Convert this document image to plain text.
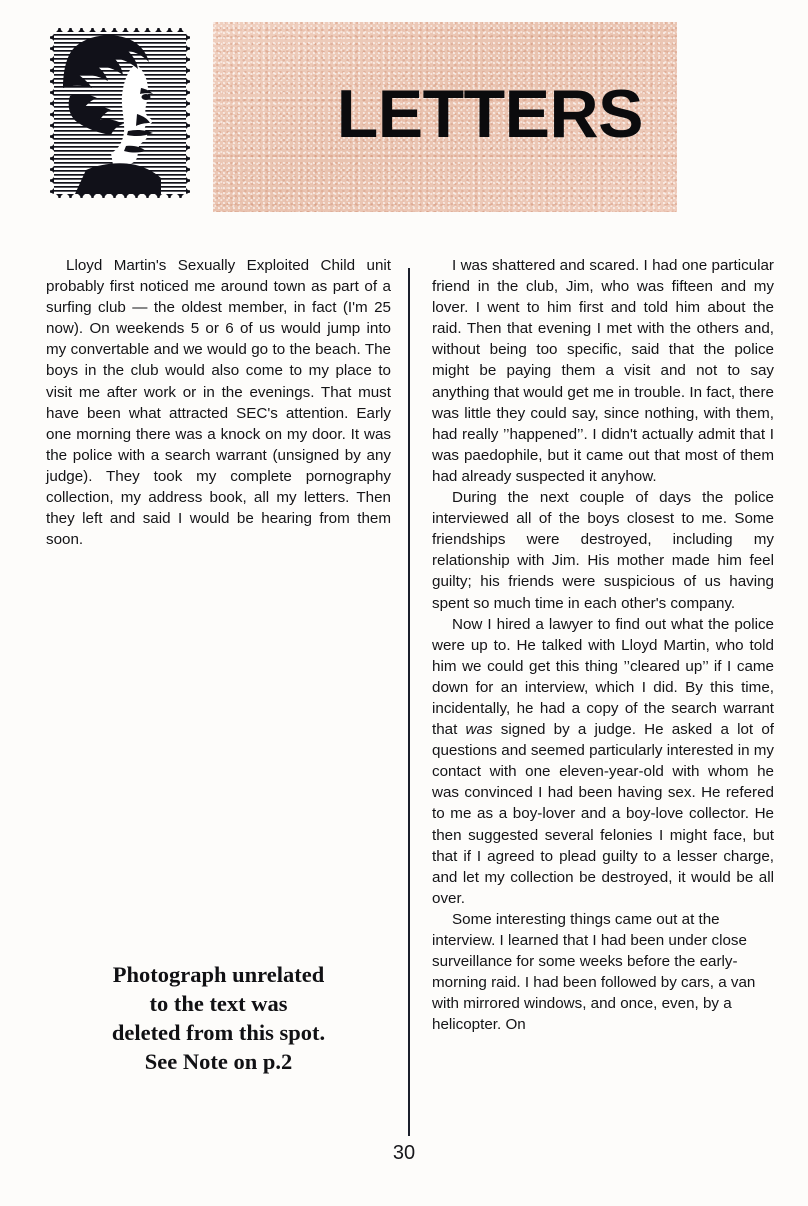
LETTERS

Lloyd Martin's Sexually Exploited Child unit probably first noticed me around town as part of a surfing club — the oldest member, in fact (I'm 25 now). On weekends 5 or 6 of us would jump into my convertable and we would go to the beach. The boys in the club would also come to my place to visit me after work or in the evenings. That must have been what attracted SEC's attention. Early one morning there was a knock on my door. It was the police with a search warrant (unsigned by any judge). They took my complete pornography collection, my address book, all my letters. Then they left and said I would be hearing from them soon.

I was shattered and scared. I had one particular friend in the club, Jim, who was fifteen and my lover. I went to him first and told him about the raid. Then that evening I met with the others and, without being too specific, said that the police might be paying them a visit and not to say anything that would get me in trouble. In fact, there was little they could say, since nothing, with them, had really ’’happened’’. I didn't actually admit that I was paedophile, but it came out that most of them had already suspected it anyhow.

During the next couple of days the police interviewed all of the boys closest to me. Some friendships were destroyed, including my relationship with Jim. His mother made him feel guilty; his friends were suspicious of us having spent so much time in each other's company.

Now I hired a lawyer to find out what the police were up to. He talked with Lloyd Martin, who told him we could get this thing ’’cleared up’’ if I came down for an interview, which I did. By this time, incidentally, he had a copy of the search warrant that was signed by a judge. He asked a lot of questions and seemed particularly interested in my contact with one eleven-year-old with whom he was convinced I had been having sex. He refered to me as a boy-lover and a boy-love collector. He then suggested several felonies I might face, but that if I agreed to plead guilty to a lesser charge, and let my collection be destroyed, it would be all over.

Some interesting things came out at the interview. I learned that I had been under close surveillance for some weeks before the early-morning raid. I had been followed by cars, a van with mirrored windows, and once, even, by a helicopter. On

Photograph unrelated
to the text was
deleted from this spot.
See Note on p.2
30
